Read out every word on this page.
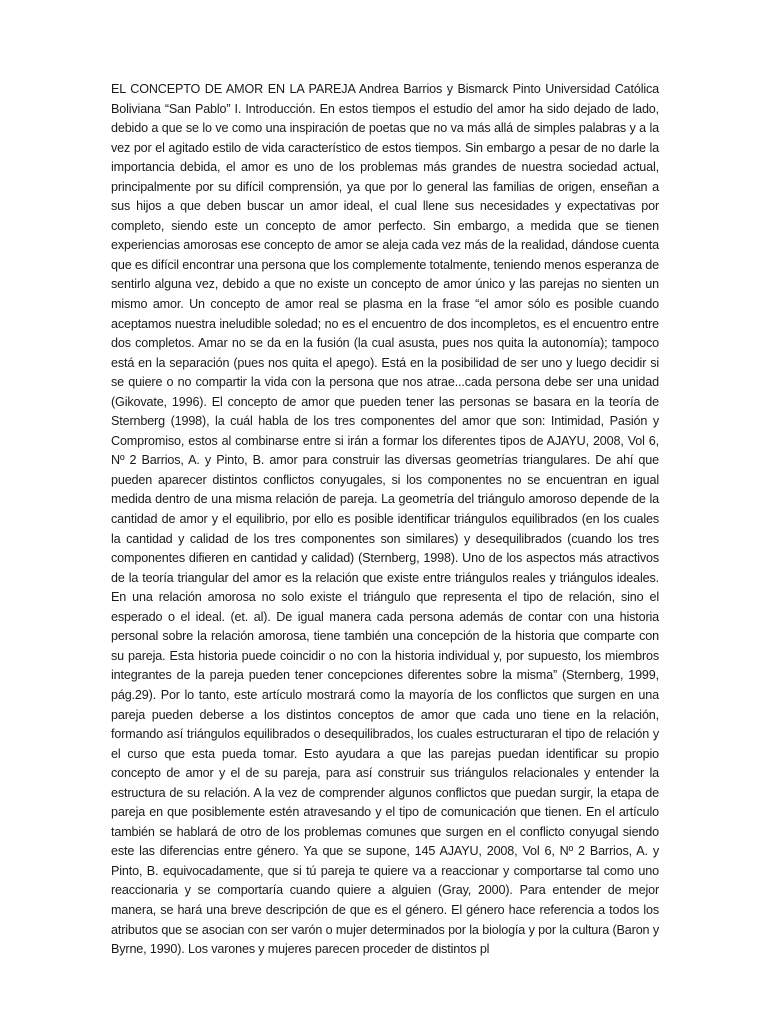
EL CONCEPTO DE AMOR EN LA PAREJA Andrea Barrios y Bismarck Pinto Universidad Católica Boliviana “San Pablo” I. Introducción. En estos tiempos el estudio del amor ha sido dejado de lado, debido a que se lo ve como una inspiración de poetas que no va más allá de simples palabras y a la vez por el agitado estilo de vida característico de estos tiempos. Sin embargo a pesar de no darle la importancia debida, el amor es uno de los problemas más grandes de nuestra sociedad actual, principalmente por su difícil comprensión, ya que por lo general las familias de origen, enseñan a sus hijos a que deben buscar un amor ideal, el cual llene sus necesidades y expectativas por completo, siendo este un concepto de amor perfecto. Sin embargo, a medida que se tienen experiencias amorosas ese concepto de amor se aleja cada vez más de la realidad, dándose cuenta que es difícil encontrar una persona que los complemente totalmente, teniendo menos esperanza de sentirlo alguna vez, debido a que no existe un concepto de amor único y las parejas no sienten un mismo amor. Un concepto de amor real se plasma en la frase “el amor sólo es posible cuando aceptamos nuestra ineludible soledad; no es el encuentro de dos incompletos, es el encuentro entre dos completos. Amar no se da en la fusión (la cual asusta, pues nos quita la autonomía); tampoco está en la separación (pues nos quita el apego). Está en la posibilidad de ser uno y luego decidir si se quiere o no compartir la vida con la persona que nos atrae...cada persona debe ser una unidad (Gikovate, 1996). El concepto de amor que pueden tener las personas se basara en la teoría de Sternberg (1998), la cuál habla de los tres componentes del amor que son: Intimidad, Pasión y Compromiso, estos al combinarse entre si irán a formar los diferentes tipos de AJAYU, 2008, Vol 6, Nº 2 Barrios, A. y Pinto, B. amor para construir las diversas geometrías triangulares. De ahí que pueden aparecer distintos conflictos conyugales, si los componentes no se encuentran en igual medida dentro de una misma relación de pareja. La geometría del triángulo amoroso depende de la cantidad de amor y el equilibrio, por ello es posible identificar triángulos equilibrados (en los cuales la cantidad y calidad de los tres componentes son similares) y desequilibrados (cuando los tres componentes difieren en cantidad y calidad) (Sternberg, 1998). Uno de los aspectos más atractivos de la teoría triangular del amor es la relación que existe entre triángulos reales y triángulos ideales. En una relación amorosa no solo existe el triángulo que representa el tipo de relación, sino el esperado o el ideal. (et. al). De igual manera cada persona además de contar con una historia personal sobre la relación amorosa, tiene también una concepción de la historia que comparte con su pareja. Esta historia puede coincidir o no con la historia individual y, por supuesto, los miembros integrantes de la pareja pueden tener concepciones diferentes sobre la misma” (Sternberg, 1999, pág.29). Por lo tanto, este artículo mostrará como la mayoría de los conflictos que surgen en una pareja pueden deberse a los distintos conceptos de amor que cada uno tiene en la relación, formando así triángulos equilibrados o desequilibrados, los cuales estructuraran el tipo de relación y el curso que esta pueda tomar. Esto ayudara a que las parejas puedan identificar su propio concepto de amor y el de su pareja, para así construir sus triángulos relacionales y entender la estructura de su relación. A la vez de comprender algunos conflictos que puedan surgir, la etapa de pareja en que posiblemente estén atravesando y el tipo de comunicación que tienen. En el artículo también se hablará de otro de los problemas comunes que surgen en el conflicto conyugal siendo este las diferencias entre género. Ya que se supone, 145 AJAYU, 2008, Vol 6, Nº 2 Barrios, A. y Pinto, B. equivocadamente, que si tú pareja te quiere va a reaccionar y comportarse tal como uno reaccionaria y se comportaría cuando quiere a alguien (Gray, 2000). Para entender de mejor manera, se hará una breve descripción de que es el género. El género hace referencia a todos los atributos que se asocian con ser varón o mujer determinados por la biología y por la cultura (Baron y Byrne, 1990). Los varones y mujeres parecen proceder de distintos pl
